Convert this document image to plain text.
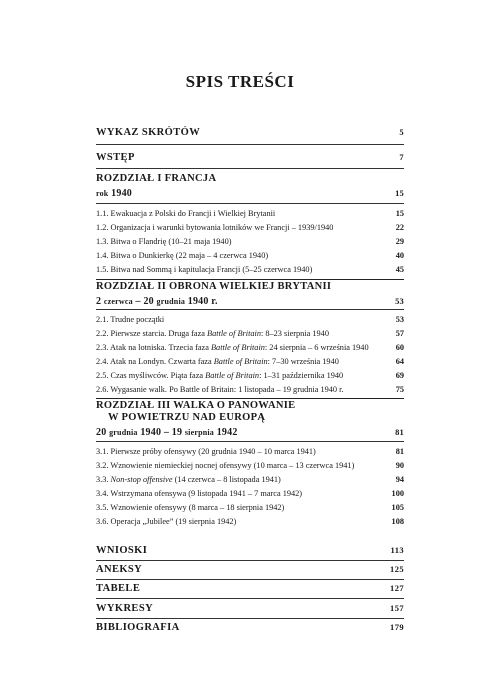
SPIS TREŚCI
WYKAZ SKRÓTÓW	5
WSTĘP	7
ROZDZIAŁ I FRANCJA
rok 1940	15
1.1. Ewakuacja z Polski do Francji i Wielkiej Brytanii	15
1.2. Organizacja i warunki bytowania lotników we Francji – 1939/1940	22
1.3. Bitwa o Flandrię (10–21 maja 1940)	29
1.4. Bitwa o Dunkierkę (22 maja – 4 czerwca 1940)	40
1.5. Bitwa nad Sommą i kapitulacja Francji (5–25 czerwca 1940)	45
ROZDZIAŁ II OBRONA WIELKIEJ BRYTANII
2 czerwca – 20 grudnia 1940 r.	53
2.1. Trudne początki	53
2.2. Pierwsze starcia. Druga faza Battle of Britain: 8–23 sierpnia 1940	57
2.3. Atak na lotniska. Trzecia faza Battle of Britain: 24 sierpnia – 6 września 1940	60
2.4. Atak na Londyn. Czwarta faza Battle of Britain: 7–30 września 1940	64
2.5. Czas myśliwców. Piąta faza Battle of Britain: 1–31 października 1940	69
2.6. Wygasanie walk. Po Battle of Britain: 1 listopada – 19 grudnia 1940 r.	75
ROZDZIAŁ III WALKA O PANOWANIE
W POWIETRZU NAD EUROPĄ
20 grudnia 1940 – 19 sierpnia 1942	81
3.1. Pierwsze próby ofensywy (20 grudnia 1940 – 10 marca 1941)	81
3.2. Wznowienie niemieckiej nocnej ofensywy (10 marca – 13 czerwca 1941)	90
3.3. Non-stop offensive (14 czerwca – 8 listopada 1941)	94
3.4. Wstrzymana ofensywa (9 listopada 1941 – 7 marca 1942)	100
3.5. Wznowienie ofensywy (8 marca – 18 sierpnia 1942)	105
3.6. Operacja „Jubilee” (19 sierpnia 1942)	108
WNIOSKI	113
ANEKSY	125
TABELE	127
WYKRESY	157
BIBLIOGRAFIA	179
